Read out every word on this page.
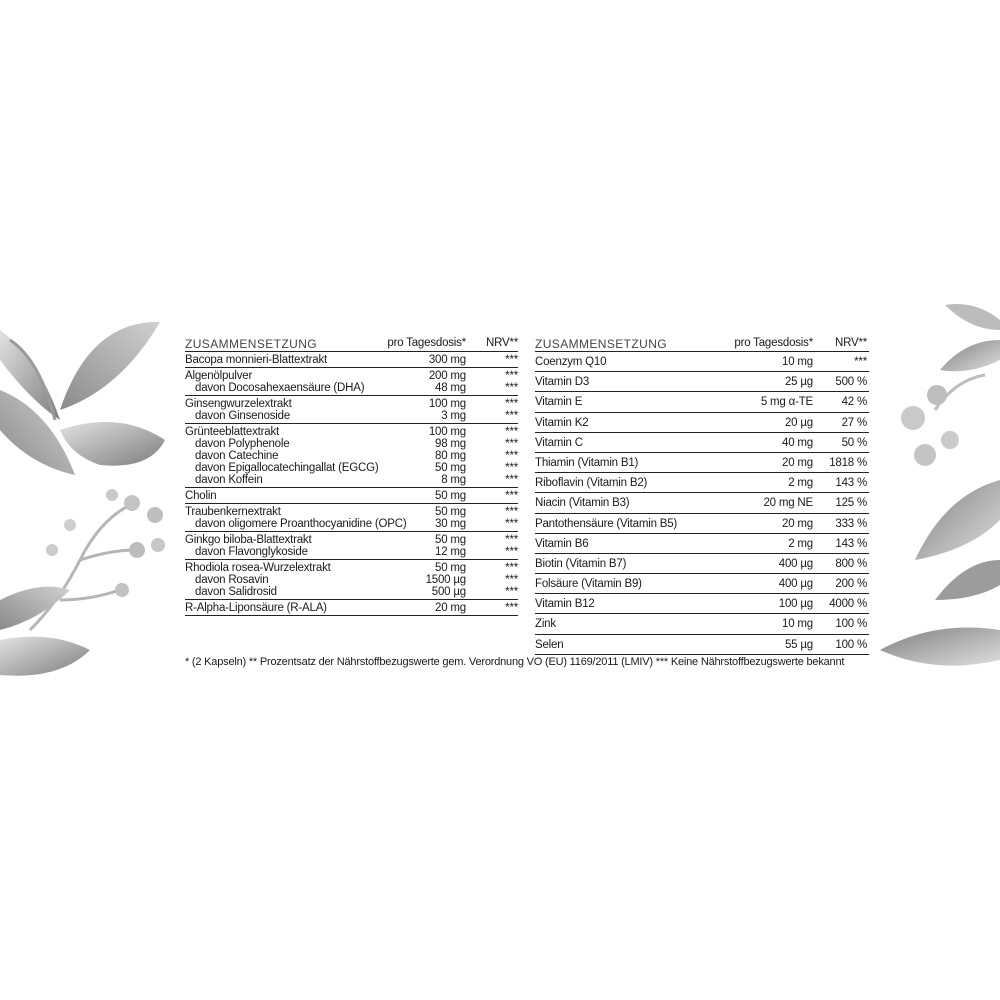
ZUSAMMENSETZUNG	pro Tagesdosis* NRV**
Bacopa monnieri-Blattextrakt	300 mg	***
Algenölpulver	200 mg	***
davon Docosahexaensäure (DHA)	48 mg	***
Ginsengwurzelextrakt	100 mg	***
davon Ginsenoside	3 mg	***
Grünteeblattextrakt	100 mg	***
davon Polyphenole	98 mg	***
davon Catechine	80 mg	***
davon Epigallocatechingallat (EGCG)	50 mg	***
davon Koffein	8 mg	***
Cholin	50 mg	***
Traubenkernextrakt	50 mg	***
davon oligomere Proanthocyanidine (OPC) 30 mg	***
Ginkgo biloba-Blattextrakt	50 mg	***
davon Flavonglykoside	12 mg	***
Rhodiola rosea-Wurzelextrakt	50 mg	***
davon Rosavin	1500 µg	***
davon Salidrosid	500 µg	***
R-Alpha-Liponsäure (R-ALA)	20 mg	***
ZUSAMMENSETZUNG	pro Tagesdosis* NRV**
Coenzym Q10	10 mg	***
Vitamin D3	25 µg 500 %
Vitamin E	5 mg α-TE 42 %
Vitamin K2	20 µg 27 %
Vitamin C	40 mg 50 %
Thiamin (Vitamin B1)	20 mg 1818 %
Riboflavin (Vitamin B2)	2 mg 143 %
Niacin (Vitamin B3)	20 mg NE 125 %
Pantothensäure (Vitamin B5)	20 mg 333 %
Vitamin B6	2 mg 143 %
Biotin (Vitamin B7)	400 µg 800 %
Folsäure (Vitamin B9)	400 µg 200 %
Vitamin B12	100 µg 4000 %
Zink	10 mg 100 %
Selen	55 µg 100 %
* (2 Kapseln) ** Prozentsatz der Nährstoffbezugswerte gem. Verordnung VO (EU) 1169/2011 (LMIV) *** Keine Nährstoffbezugswerte bekannt
